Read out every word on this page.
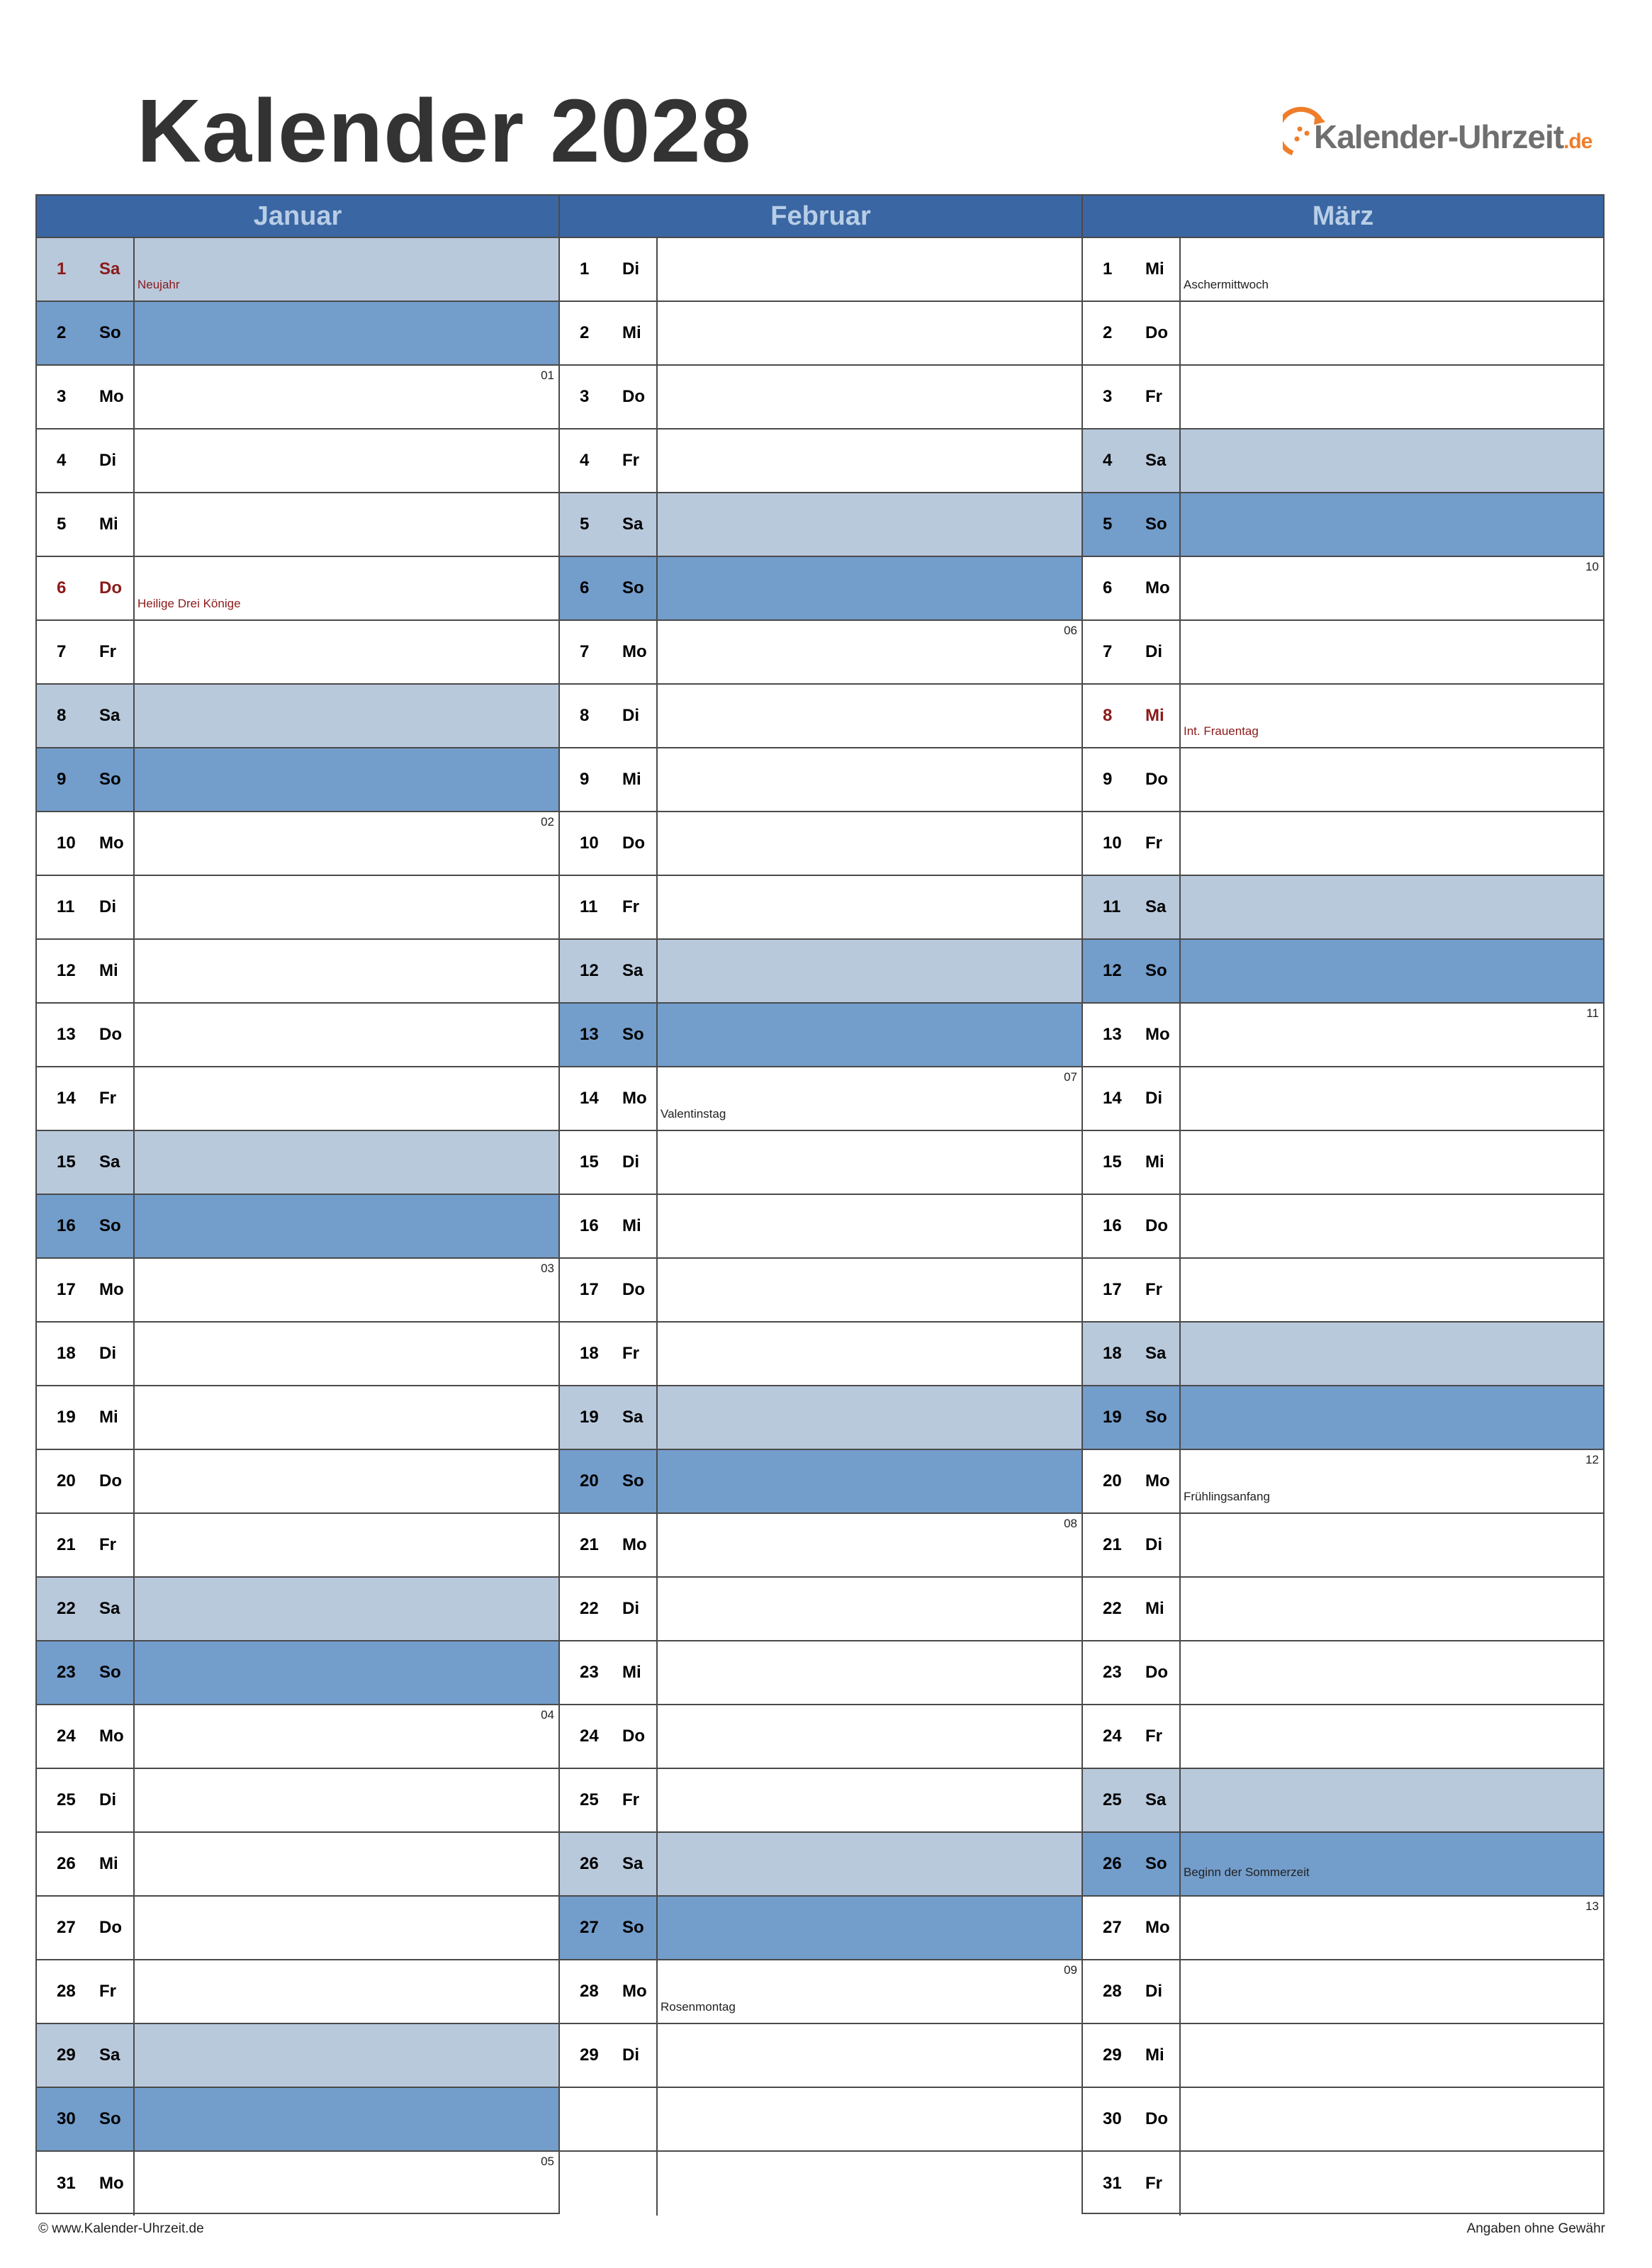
Kalender 2028	Kalender-Uhrzeit.de
Januar
1 Sa
Neujahr
2 So
3 Mo
01
4 Di
5 Mi
6 Do
Heilige Drei Könige
7 Fr
8 Sa
9 So
10 Mo
02
11 Di
12 Mi
13 Do
14 Fr
15 Sa
16 So
17 Mo
03
18 Di
19 Mi
20 Do
21 Fr
22 Sa
23 So
24 Mo
04
25 Di
26 Mi
27 Do
28 Fr
29 Sa
30 So
31 Mo
05
Februar
1 Di
2 Mi
3 Do
4 Fr
5 Sa
6 So
7 Mo
06
8 Di
9 Mi
10 Do
11 Fr
12 Sa
13 So
14 Mo
07
Valentinstag
15 Di
16 Mi
17 Do
18 Fr
19 Sa
20 So
21 Mo
08
22 Di
23 Mi
24 Do
25 Fr
26 Sa
27 So
28 Mo
09
Rosenmontag
29 Di
März
1 Mi
Aschermittwoch
2 Do
3 Fr
4 Sa
5 So
6 Mo
10
7 Di
8 Mi
Int. Frauentag
9 Do
10 Fr
11 Sa
12 So
13 Mo
11
14 Di
15 Mi
16 Do
17 Fr
18 Sa
19 So
20 Mo
12
Frühlingsanfang
21 Di
22 Mi
23 Do
24 Fr
25 Sa
26 So Beginn der Sommerzeit
27 Mo
13
28 Di
29 Mi
30 Do
31 Fr
© www.Kalender-Uhrzeit.de	Angaben ohne Gewähr
